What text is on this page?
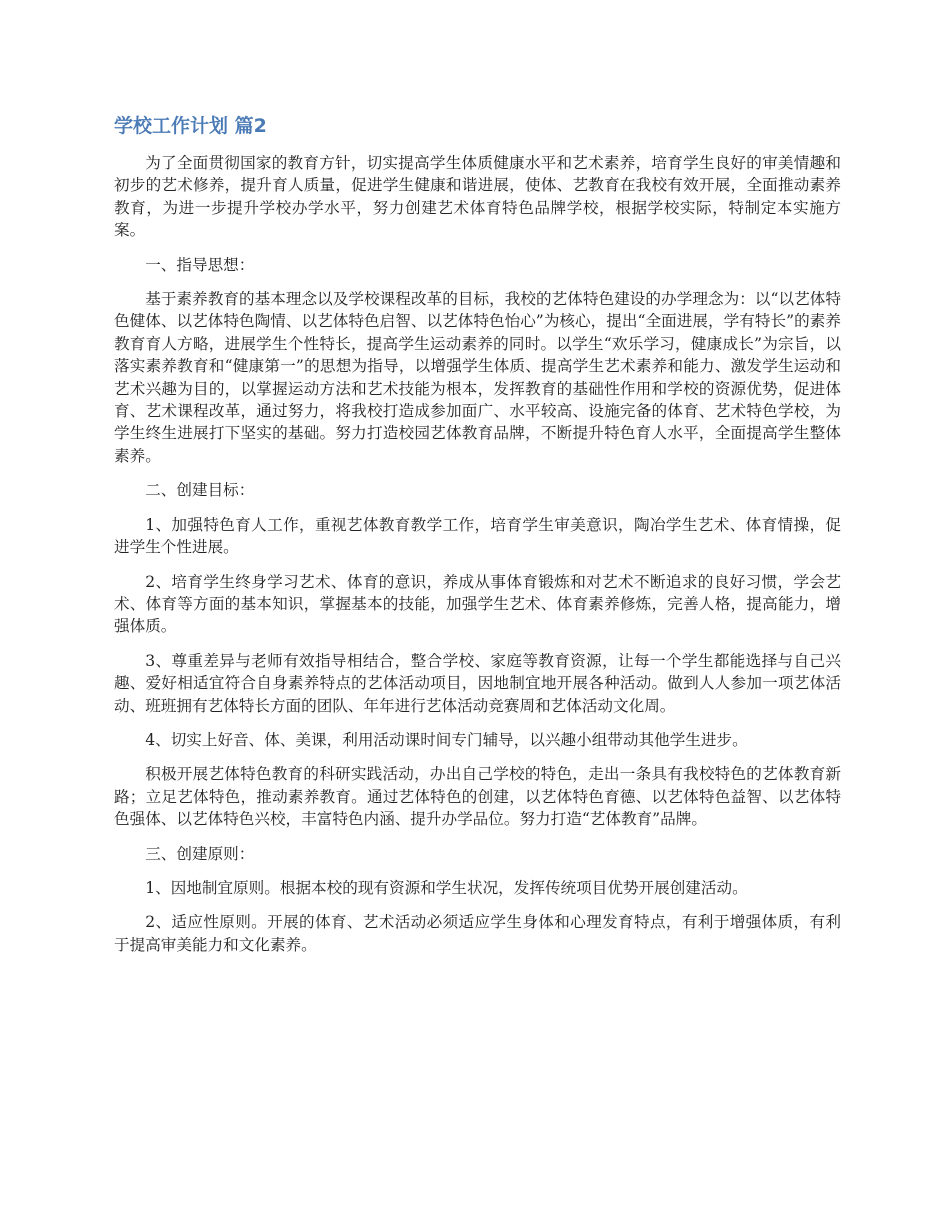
学校工作计划 篇2

为了全面贯彻国家的教育方针，切实提高学生体质健康水平和艺术素养，培育学生良好的审美情趣和初步的艺术修养，提升育人质量，促进学生健康和谐进展，使体、艺教育在我校有效开展，全面推动素养教育，为进一步提升学校办学水平，努力创建艺术体育特色品牌学校，根据学校实际，特制定本实施方案。

一、指导思想：

基于素养教育的基本理念以及学校课程改革的目标，我校的艺体特色建设的办学理念为：以“以艺体特色健体、以艺体特色陶情、以艺体特色启智、以艺体特色怡心”为核心，提出“全面进展，学有特长”的素养教育育人方略，进展学生个性特长，提高学生运动素养的同时。以学生“欢乐学习，健康成长”为宗旨，以落实素养教育和“健康第一”的思想为指导，以增强学生体质、提高学生艺术素养和能力、激发学生运动和艺术兴趣为目的，以掌握运动方法和艺术技能为根本，发挥教育的基础性作用和学校的资源优势，促进体育、艺术课程改革，通过努力，将我校打造成参加面广、水平较高、设施完备的体育、艺术特色学校，为学生终生进展打下坚实的基础。努力打造校园艺体教育品牌，不断提升特色育人水平，全面提高学生整体素养。

二、创建目标：

1、加强特色育人工作，重视艺体教育教学工作，培育学生审美意识，陶冶学生艺术、体育情操，促进学生个性进展。

2、培育学生终身学习艺术、体育的意识，养成从事体育锻炼和对艺术不断追求的良好习惯，学会艺术、体育等方面的基本知识，掌握基本的技能，加强学生艺术、体育素养修炼，完善人格，提高能力，增强体质。

3、尊重差异与老师有效指导相结合，整合学校、家庭等教育资源，让每一个学生都能选择与自己兴趣、爱好相适宜符合自身素养特点的艺体活动项目，因地制宜地开展各种活动。做到人人参加一项艺体活动、班班拥有艺体特长方面的团队、年年进行艺体活动竞赛周和艺体活动文化周。

4、切实上好音、体、美课，利用活动课时间专门辅导，以兴趣小组带动其他学生进步。

积极开展艺体特色教育的科研实践活动，办出自己学校的特色，走出一条具有我校特色的艺体教育新路；立足艺体特色，推动素养教育。通过艺体特色的创建，以艺体特色育德、以艺体特色益智、以艺体特色强体、以艺体特色兴校，丰富特色内涵、提升办学品位。努力打造“艺体教育”品牌。

三、创建原则：

1、因地制宜原则。根据本校的现有资源和学生状况，发挥传统项目优势开展创建活动。

2、适应性原则。开展的体育、艺术活动必须适应学生身体和心理发育特点，有利于增强体质，有利于提高审美能力和文化素养。
